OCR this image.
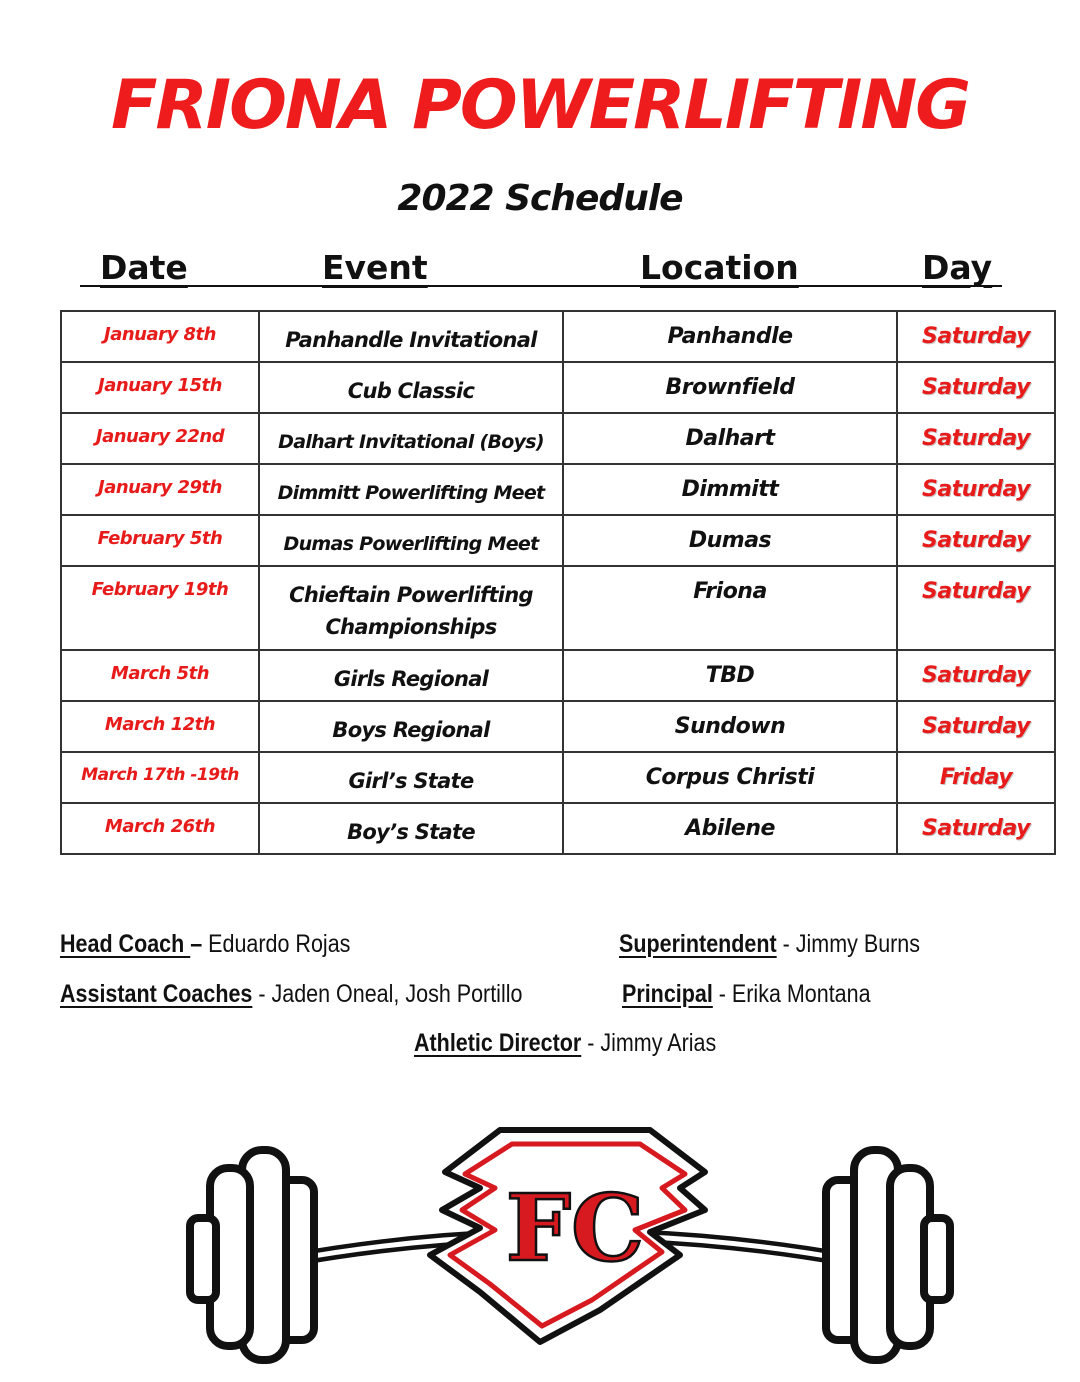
FRIONA POWERLIFTING
2022 Schedule
Date	Event	Location	Day
January 8th	Panhandle Invitational	Panhandle	Saturday
January 15th	Cub Classic	Brownfield	Saturday
January 22nd	Dalhart Invitational (Boys)	Dalhart	Saturday
January 29th	Dimmitt Powerlifting Meet	Dimmitt	Saturday
February 5th	Dumas Powerlifting Meet	Dumas	Saturday
February 19th	Chieftain Powerlifting Championships	Friona	Saturday
March 5th	Girls Regional	TBD	Saturday
March 12th	Boys Regional	Sundown	Saturday
March 17th -19th	Girl’s State	Corpus Christi	Friday
March 26th	Boy’s State	Abilene	Saturday
Head Coach – Eduardo Rojas	Superintendent - Jimmy Burns
Assistant Coaches - Jaden Oneal, Josh Portillo	Principal - Erika Montana
Athletic Director - Jimmy Arias
FC
